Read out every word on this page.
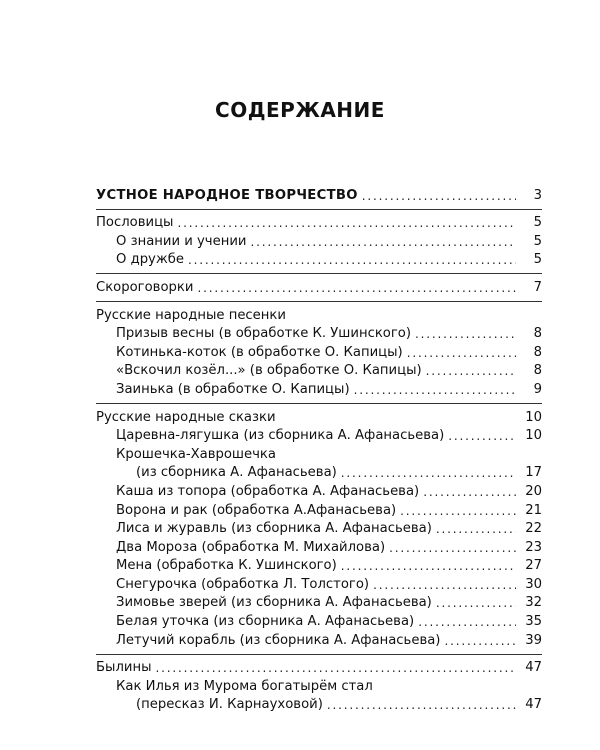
СОДЕРЖАНИЕ
УСТНОЕ НАРОДНОЕ ТВОРЧЕСТВО . . .	3
Пословицы . . .	5
О знании и учении . . .	5
О дружбе . . .	5
Скороговорки . . .	7
Русские народные песенки
Призыв весны (в обработке К. Ушинского) . . .	8
Котинька-коток (в обработке О. Капицы) . . .	8
«Вскочил козёл...» (в обработке О. Капицы) . . .	8
Заинька (в обработке О. Капицы) . . .	9
Русские народные сказки	10
Царевна-лягушка (из сборника А. Афанасьева) . . .	10
Крошечка-Хаврошечка
(из сборника А. Афанасьева) . . .	17
Каша из топора (обработка А. Афанасьева) . . .	20
Ворона и рак (обработка А.Афанасьева) . . .	21
Лиса и журавль (из сборника А. Афанасьева) . . .	22
Два Мороза (обработка М. Михайлова) . . .	23
Мена (обработка К. Ушинского) . . .	27
Снегурочка (обработка Л. Толстого) . . .	30
Зимовье зверей (из сборника А. Афанасьева) . . .	32
Белая уточка (из сборника А. Афанасьева) . . .	35
Летучий корабль (из сборника А. Афанасьева) . . .	39
Былины . . .	47
Как Илья из Мурома богатырём стал
(пересказ И. Карнауховой) . . .	47
